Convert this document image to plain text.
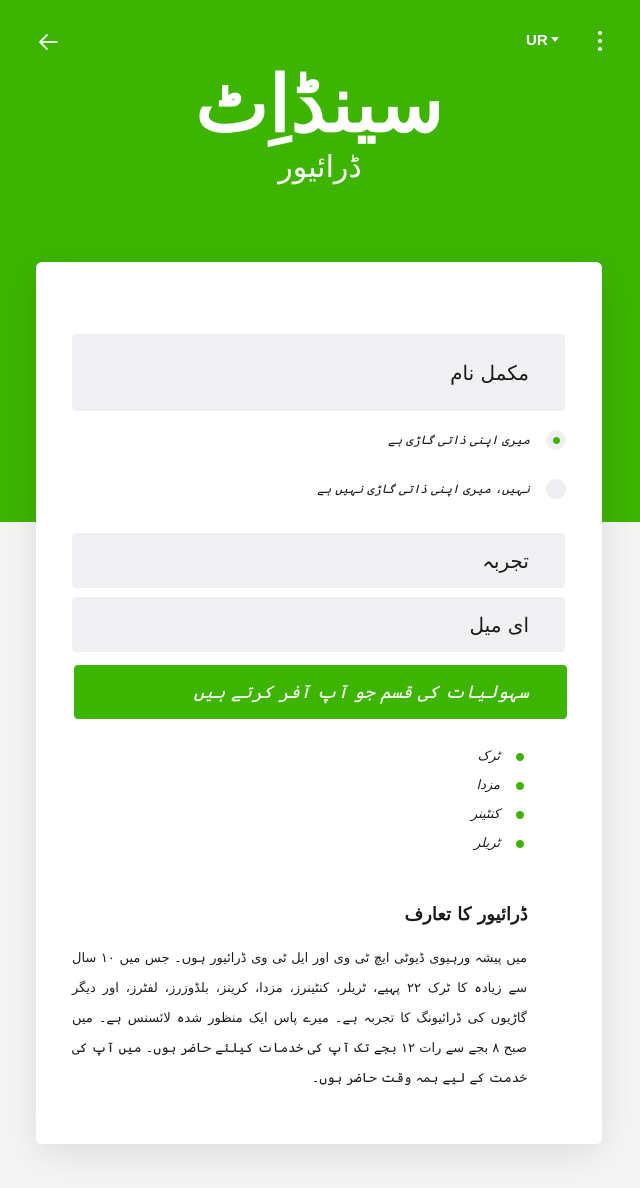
UR
سینڈاِٹ
ڈرائیور
مکمل نام
میری اپنی ذاتی گاڑی ہے
نہیں، میری اپنی ذاتی گاڑی نہیں ہے
تجربہ
ای میل
سہولیات کی قسم جو آپ آفر کرتے ہیں
ٹرک
مزدا
کنٹینر
ٹریلر
ڈرائیور کا تعارف

میں پیشہ ورہیوی ڈیوٹی ایچ ٹی وی اور ایل ٹی وی ڈرائیور ہوں۔ جس میں ۱۰ سال سے زیادہ کا ٹرک ۲۲ پہیے، ٹریلر، کنٹینرز، مزدا، کرینز، بلڈوزرز، لفٹرز، اور دیگر گاڑیوں کی ڈرائیونگ کا تجربہ ہے۔ میرے پاس ایک منظور شدہ لائسنس ہے۔ میں صبح ۸ بجے سے رات ۱۲ بجے تک آپ کی خدمات کیلئے حاضر ہوں۔ میں آپ کی خدمت کے لیے ہمہ وقت حاضر ہوں۔
